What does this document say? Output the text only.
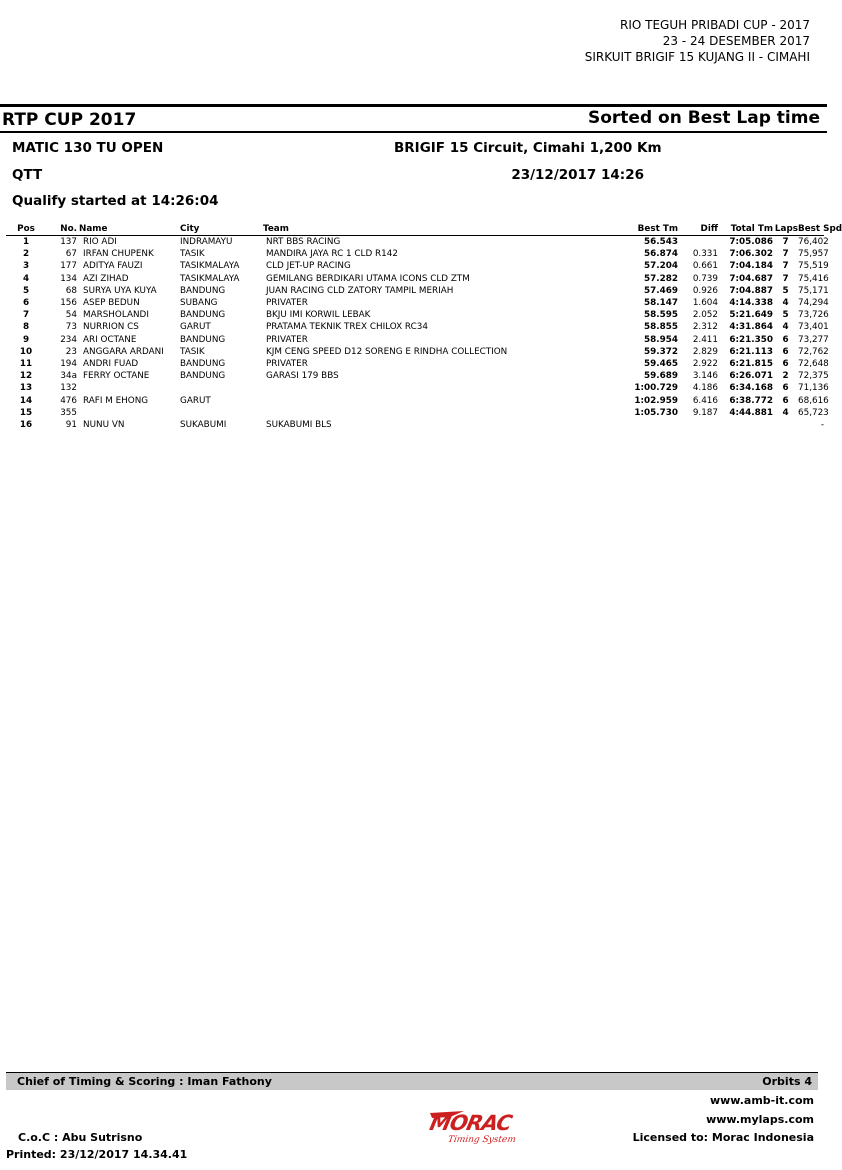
RIO TEGUH PRIBADI CUP - 2017
23 - 24 DESEMBER 2017
SIRKUIT BRIGIF 15 KUJANG II - CIMAHI
RTP CUP 2017	Sorted on Best Lap time
MATIC 130 TU OPEN	BRIGIF 15 Circuit, Cimahi 1,200 Km
QTT	23/12/2017 14:26
Qualify started at 14:26:04
Pos	No.	Name	City	Team	Best Tm	Diff	Total Tm	Laps	Best Spd
1	137	RIO ADI	INDRAMAYU	NRT BBS RACING	56.543		7:05.086	7	76,402
2	67	IRFAN CHUPENK	TASIK	MANDIRA JAYA RC 1 CLD R142	56.874	0.331	7:06.302	7	75,957
3	177	ADITYA FAUZI	TASIKMALAYA	CLD JET-UP RACING	57.204	0.661	7:04.184	7	75,519
4	134	AZI ZIHAD	TASIKMALAYA	GEMILANG BERDIKARI UTAMA ICONS CLD ZTM	57.282	0.739	7:04.687	7	75,416
5	68	SURYA UYA KUYA	BANDUNG	JUAN RACING CLD ZATORY TAMPIL MERIAH	57.469	0.926	7:04.887	5	75,171
6	156	ASEP BEDUN	SUBANG	PRIVATER	58.147	1.604	4:14.338	4	74,294
7	54	MARSHOLANDI	BANDUNG	BKJU IMI KORWIL LEBAK	58.595	2.052	5:21.649	5	73,726
8	73	NURRION CS	GARUT	PRATAMA TEKNIK TREX CHILOX RC34	58.855	2.312	4:31.864	4	73,401
9	234	ARI OCTANE	BANDUNG	PRIVATER	58.954	2.411	6:21.350	6	73,277
10	23	ANGGARA ARDANI	TASIK	KJM CENG SPEED D12 SORENG E RINDHA COLLECTION	59.372	2.829	6:21.113	6	72,762
11	194	ANDRI FUAD	BANDUNG	PRIVATER	59.465	2.922	6:21.815	6	72,648
12	34a	FERRY OCTANE	BANDUNG	GARASI 179 BBS	59.689	3.146	6:26.071	2	72,375
13	132				1:00.729	4.186	6:34.168	6	71,136
14	476	RAFI M EHONG	GARUT		1:02.959	6.416	6:38.772	6	68,616
15	355				1:05.730	9.187	4:44.881	4	65,723
16	91	NUNU VN	SUKABUMI	SUKABUMI BLS					-
Chief of Timing & Scoring : Iman Fathony	Orbits 4
www.amb-it.com
www.mylaps.com
C.o.C : Abu Sutrisno	Licensed to: Morac Indonesia
Printed: 23/12/2017 14.34.41
MORAC
Timing System
